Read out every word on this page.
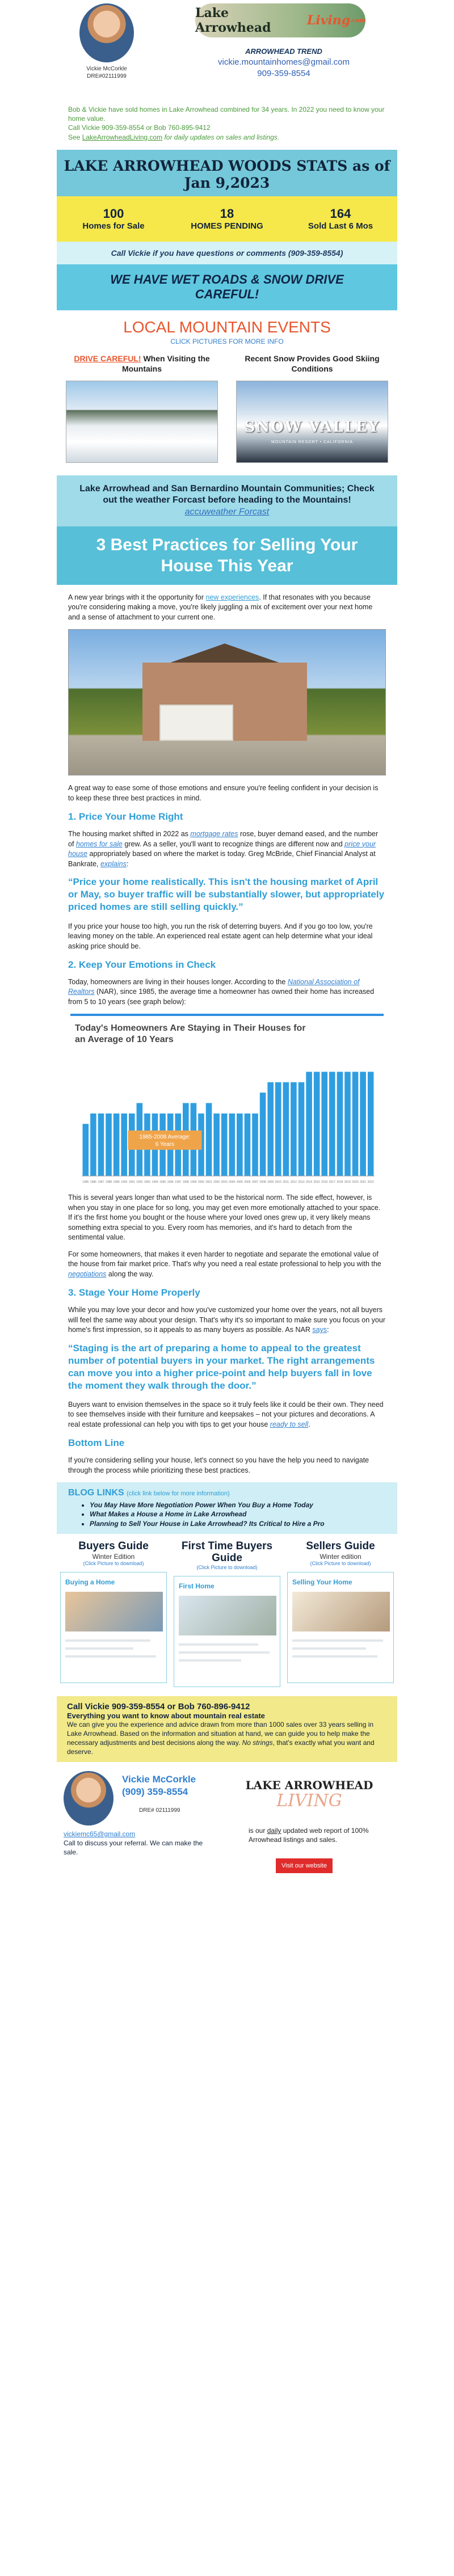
Vickie McCorkle
DRE#02111999
Lake Arrowhead	Living .com
ARROWHEAD TREND
vickie.mountainhomes@gmail.com
909-359-8554
Bob & Vickie have sold homes in Lake Arrowhead combined for 34 years. In 2022 you need to know your home value.
Call Vickie 909-359-8554 or Bob 760-895-9412
See LakeArrowheadLiving.com for daily updates on sales and listings.
LAKE ARROWHEAD WOODS STATS as of Jan 9,2023
100
Homes for Sale
18
HOMES PENDING
164
Sold Last 6 Mos
Call Vickie if you have questions or comments (909-359-8554)
WE HAVE WET ROADS & SNOW DRIVE CAREFUL!
LOCAL MOUNTAIN EVENTS
CLICK PICTURES FOR MORE INFO
DRIVE CAREFUL! When Visiting the Mountains
Recent Snow Provides Good Skiing Conditions
SNOW VALLEY
MOUNTAIN RESORT • CALIFORNIA
Lake Arrowhead and San Bernardino Mountain Communities; Check out the weather Forcast before heading to the Mountains!
accuweather Forcast
3 Best Practices for Selling Your House This Year

A new year brings with it the opportunity for new experiences. If that resonates with you because you're considering making a move, you're likely juggling a mix of excitement over your next home and a sense of attachment to your current one.

A great way to ease some of those emotions and ensure you're feeling confident in your decision is to keep these three best practices in mind.

1. Price Your Home Right

The housing market shifted in 2022 as mortgage rates rose, buyer demand eased, and the number of homes for sale grew. As a seller, you'll want to recognize things are different now and price your house appropriately based on where the market is today. Greg McBride, Chief Financial Analyst at Bankrate, explains:

“Price your home realistically. This isn't the housing market of April or May, so buyer traffic will be substantially slower, but appropriately priced homes are still selling quickly.”

If you price your house too high, you run the risk of deterring buyers. And if you go too low, you're leaving money on the table. An experienced real estate agent can help determine what your ideal asking price should be.

2. Keep Your Emotions in Check

Today, homeowners are living in their houses longer. According to the National Association of Realtors (NAR), since 1985, the average time a homeowner has owned their home has increased from 5 to 10 years (see graph below):

Today's Homeowners Are Staying in Their Houses for an Average of 10 Years
1985-2008 Average:
6 Years
1985 1986 1987 1988 1989 1990 1991 1992 1993 1994 1995 1996 1997 1998 1999 2000 2001 2002 2003 2004 2005 2006 2007 2008 2009 2010 2011 2012 2013 2014 2015 2016 2017 2018 2019 2020 2021 2022

This is several years longer than what used to be the historical norm. The side effect, however, is when you stay in one place for so long, you may get even more emotionally attached to your space. If it's the first home you bought or the house where your loved ones grew up, it very likely means something extra special to you. Every room has memories, and it's hard to detach from the sentimental value.

For some homeowners, that makes it even harder to negotiate and separate the emotional value of the house from fair market price. That's why you need a real estate professional to help you with the negotiations along the way.

3. Stage Your Home Properly

While you may love your decor and how you've customized your home over the years, not all buyers will feel the same way about your design. That's why it's so important to make sure you focus on your home's first impression, so it appeals to as many buyers as possible. As NAR says:

“Staging is the art of preparing a home to appeal to the greatest number of potential buyers in your market. The right arrangements can move you into a higher price-point and help buyers fall in love the moment they walk through the door.”

Buyers want to envision themselves in the space so it truly feels like it could be their own. They need to see themselves inside with their furniture and keepsakes – not your pictures and decorations. A real estate professional can help you with tips to get your house ready to sell.

Bottom Line

If you're considering selling your house, let's connect so you have the help you need to navigate through the process while prioritizing these best practices.

BLOG LINKS (click link below for more information)
• You May Have More Negotiation Power When You Buy a Home Today
• What Makes a House a Home in Lake Arrowhead
• Planning to Sell Your House in Lake Arrowhead? Its Critical to Hire a Pro
Buyers Guide
Winter Edition
(Click Picture to download)
Buying a Home
First Time Buyers Guide
(Click Picture to download)
First Home
Sellers Guide
Winter edition
(Click Picture to download)
Selling Your Home
Call Vickie 909-359-8554 or Bob 760-896-9412
Everything you want to know about mountain real estate
We can give you the experience and advice drawn from more than 1000 sales over 33 years selling in Lake Arrowhead. Based on the information and situation at hand, we can guide you to help make the necessary adjustments and best decisions along the way. No strings, that's exactly what you want and deserve.
Vickie McCorkle
(909) 359-8554
DRE# 02111999
vickiemc65@gmail.com
Call to discuss your referral. We can make the sale.
LAKE ARROWHEAD
LIVING
is our daily updated web report of 100% Arrowhead listings and sales.
Visit our website
